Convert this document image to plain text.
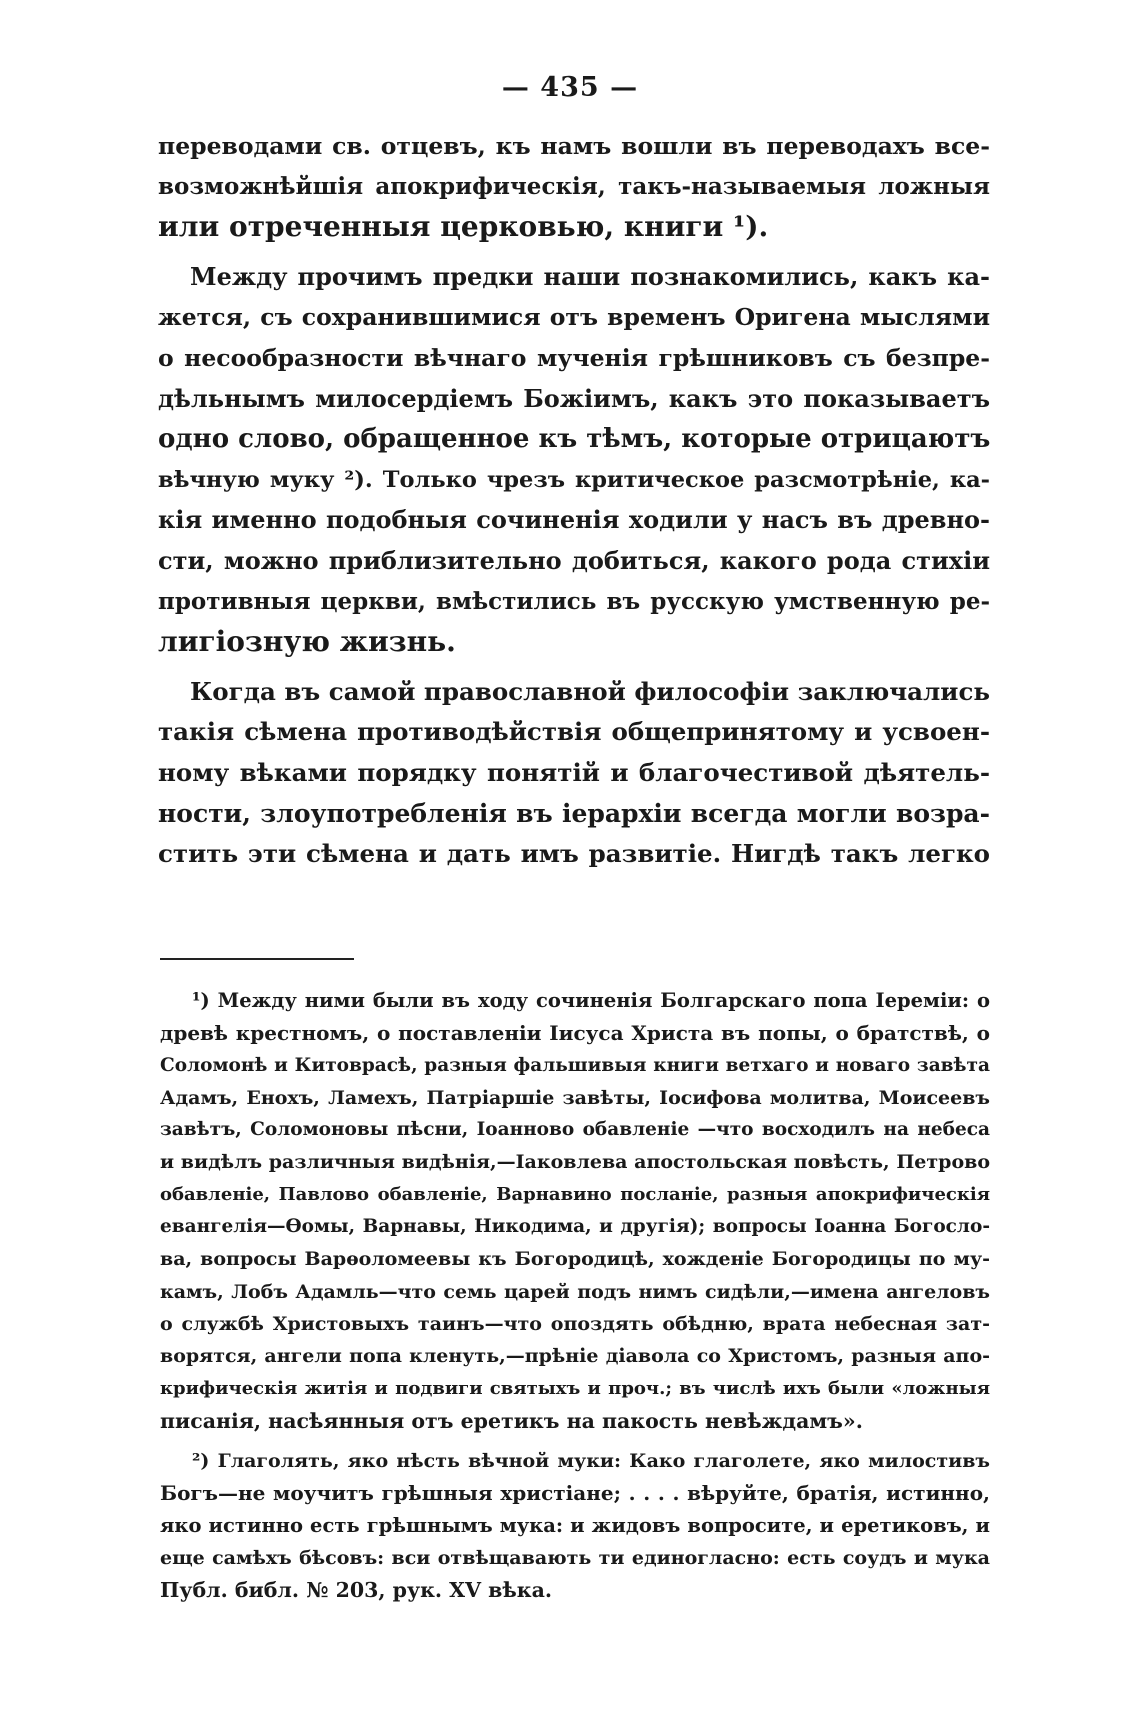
— 435 —

переводами св. отцевъ, къ намъ вошли въ переводахъ все-

возможнѣйшія апокрифическія, такъ-называемыя ложныя

или отреченныя церковью, книги ¹).

Между прочимъ предки наши познакомились, какъ ка-

жется, съ сохранившимися отъ временъ Оригена мыслями

о несообразности вѣчнаго мученія грѣшниковъ съ безпре-

дѣльнымъ милосердіемъ Божіимъ, какъ это показываетъ

одно слово, обращенное къ тѣмъ, которые отрицаютъ

вѣчную муку ²). Только чрезъ критическое разсмотрѣніе, ка-

кія именно подобныя сочиненія ходили у насъ въ древно-

сти, можно приблизительно добиться, какого рода стихіи

противныя церкви, вмѣстились въ русскую умственную ре-

лигіозную жизнь.

Когда въ самой православной философіи заключались

такія сѣмена противодѣйствія общепринятому и усвоен-

ному вѣками порядку понятій и благочестивой дѣятель-

ности, злоупотребленія въ іерархіи всегда могли возра-

стить эти сѣмена и дать имъ развитіе. Нигдѣ такъ легко

¹) Между ними были въ ходу сочиненія Болгарскаго попа Іереміи: о

древѣ крестномъ, о поставленіи Іисуса Христа въ попы, о братствѣ, о

Соломонѣ и Китоврасѣ, разныя фальшивыя книги ветхаго и новаго завѣта

Адамъ, Енохъ, Ламехъ, Патріаршіе завѣты, Іосифова молитва, Моисеевъ

завѣтъ, Соломоновы пѣсни, Іоанново обавленіе —что восходилъ на небеса

и видѣлъ различныя видѣнія,—Іаковлева апостольская повѣсть, Петрово

обавленіе, Павлово обавленіе, Варнавино посланіе, разныя апокрифическія

евангелія—Ѳомы, Варнавы, Никодима, и другія); вопросы Іоанна Богосло-

ва, вопросы Варѳоломеевы къ Богородицѣ, хожденіе Богородицы по му-

камъ, Лобъ Адамль—что семь царей подъ нимъ сидѣли,—имена ангеловъ

о службѣ Христовыхъ таинъ—что опоздять обѣдню, врата небесная зат-

ворятся, ангели попа кленуть,—прѣніе діавола со Христомъ, разныя апо-

крифическія житія и подвиги святыхъ и проч.; въ числѣ ихъ были «ложныя

писанія, насѣянныя отъ еретикъ на пакость невѣждамъ».

²) Глаголять, яко нѣсть вѣчной муки: Како глаголете, яко милостивъ

Богъ—не моучитъ грѣшныя христіане; . . . . вѣруйте, братія, истинно,

яко истинно есть грѣшнымъ мука: и жидовъ вопросите, и еретиковъ, и

еще самѣхъ бѣсовъ: вси отвѣщавають ти единогласно: есть соудъ и мука

Публ. библ. № 203, рук. XV вѣка.
